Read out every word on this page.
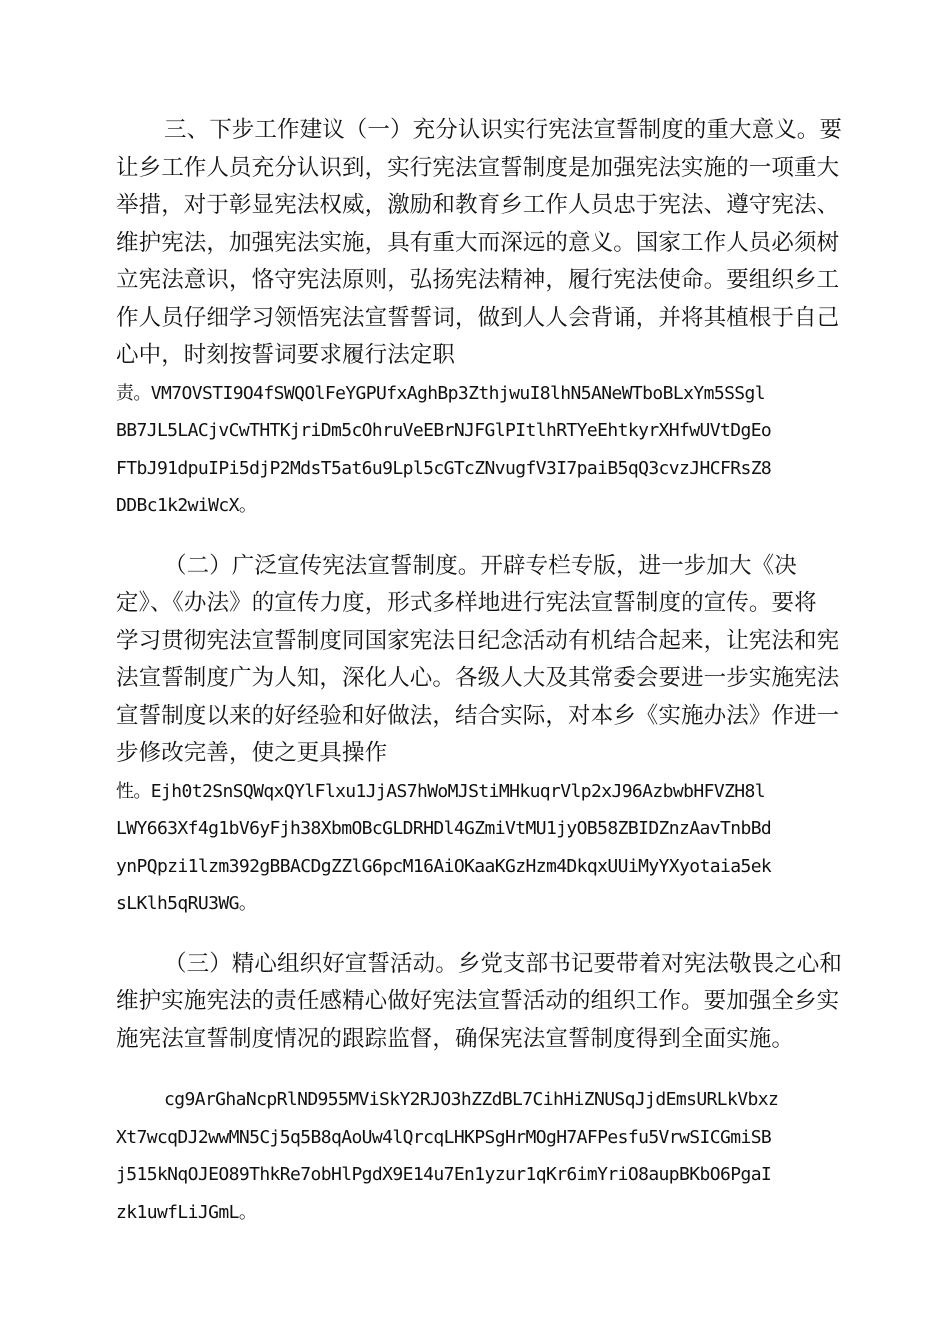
三、下步工作建议（一）充分认识实行宪法宣誓制度的重大意义。要
让乡工作人员充分认识到，实行宪法宣誓制度是加强宪法实施的一项重大
举措，对于彰显宪法权威，激励和教育乡工作人员忠于宪法、遵守宪法、
维护宪法，加强宪法实施，具有重大而深远的意义。国家工作人员必须树
立宪法意识，恪守宪法原则，弘扬宪法精神，履行宪法使命。要组织乡工
作人员仔细学习领悟宪法宣誓誓词，做到人人会背诵，并将其植根于自己
心中，时刻按誓词要求履行法定职
责。VM7OVSTI9O4fSWQOlFeYGPUfxAghBp3ZthjwuI8lhN5ANeWTboBLxYm5SSgl
BB7JL5LACjvCwTHTKjriDm5cOhruVeEBrNJFGlPItlhRTYeEhtkyrXHfwUVtDgEo
FTbJ91dpuIPi5djP2MdsT5at6u9Lpl5cGTcZNvugfV3I7paiB5qQ3cvzJHCFRsZ8
DDBc1k2wiWcX。
（二）广泛宣传宪法宣誓制度。开辟专栏专版，进一步加大《决
定》、《办法》的宣传力度，形式多样地进行宪法宣誓制度的宣传。要将
学习贯彻宪法宣誓制度同国家宪法日纪念活动有机结合起来，让宪法和宪
法宣誓制度广为人知，深化人心。各级人大及其常委会要进一步实施宪法
宣誓制度以来的好经验和好做法，结合实际，对本乡《实施办法》作进一
步修改完善，使之更具操作
性。Ejh0t2SnSQWqxQYlFlxu1JjAS7hWoMJStiMHkuqrVlp2xJ96AzbwbHFVZH8l
LWY663Xf4g1bV6yFjh38XbmOBcGLDRHDl4GZmiVtMU1jyOB58ZBIDZnzAavTnbBd
ynPQpzi1lzm392gBBACDgZZlG6pcM16AiOKaaKGzHzm4DkqxUUiMyYXyotaia5ek
sLKlh5qRU3WG。
（三）精心组织好宣誓活动。乡党支部书记要带着对宪法敬畏之心和
维护实施宪法的责任感精心做好宪法宣誓活动的组织工作。要加强全乡实
施宪法宣誓制度情况的跟踪监督，确保宪法宣誓制度得到全面实施。
cg9ArGhaNcpRlND955MViSkY2RJO3hZZdBL7CihHiZNUSqJjdEmsURLkVbxz
Xt7wcqDJ2wwMN5Cj5q5B8qAoUw4lQrcqLHKPSgHrMOgH7AFPesfu5VrwSICGmiSB
j515kNqOJEO89ThkRe7obHlPgdX9E14u7En1yzur1qKr6imYriO8aupBKbO6PgaI
zk1uwfLiJGmL。
